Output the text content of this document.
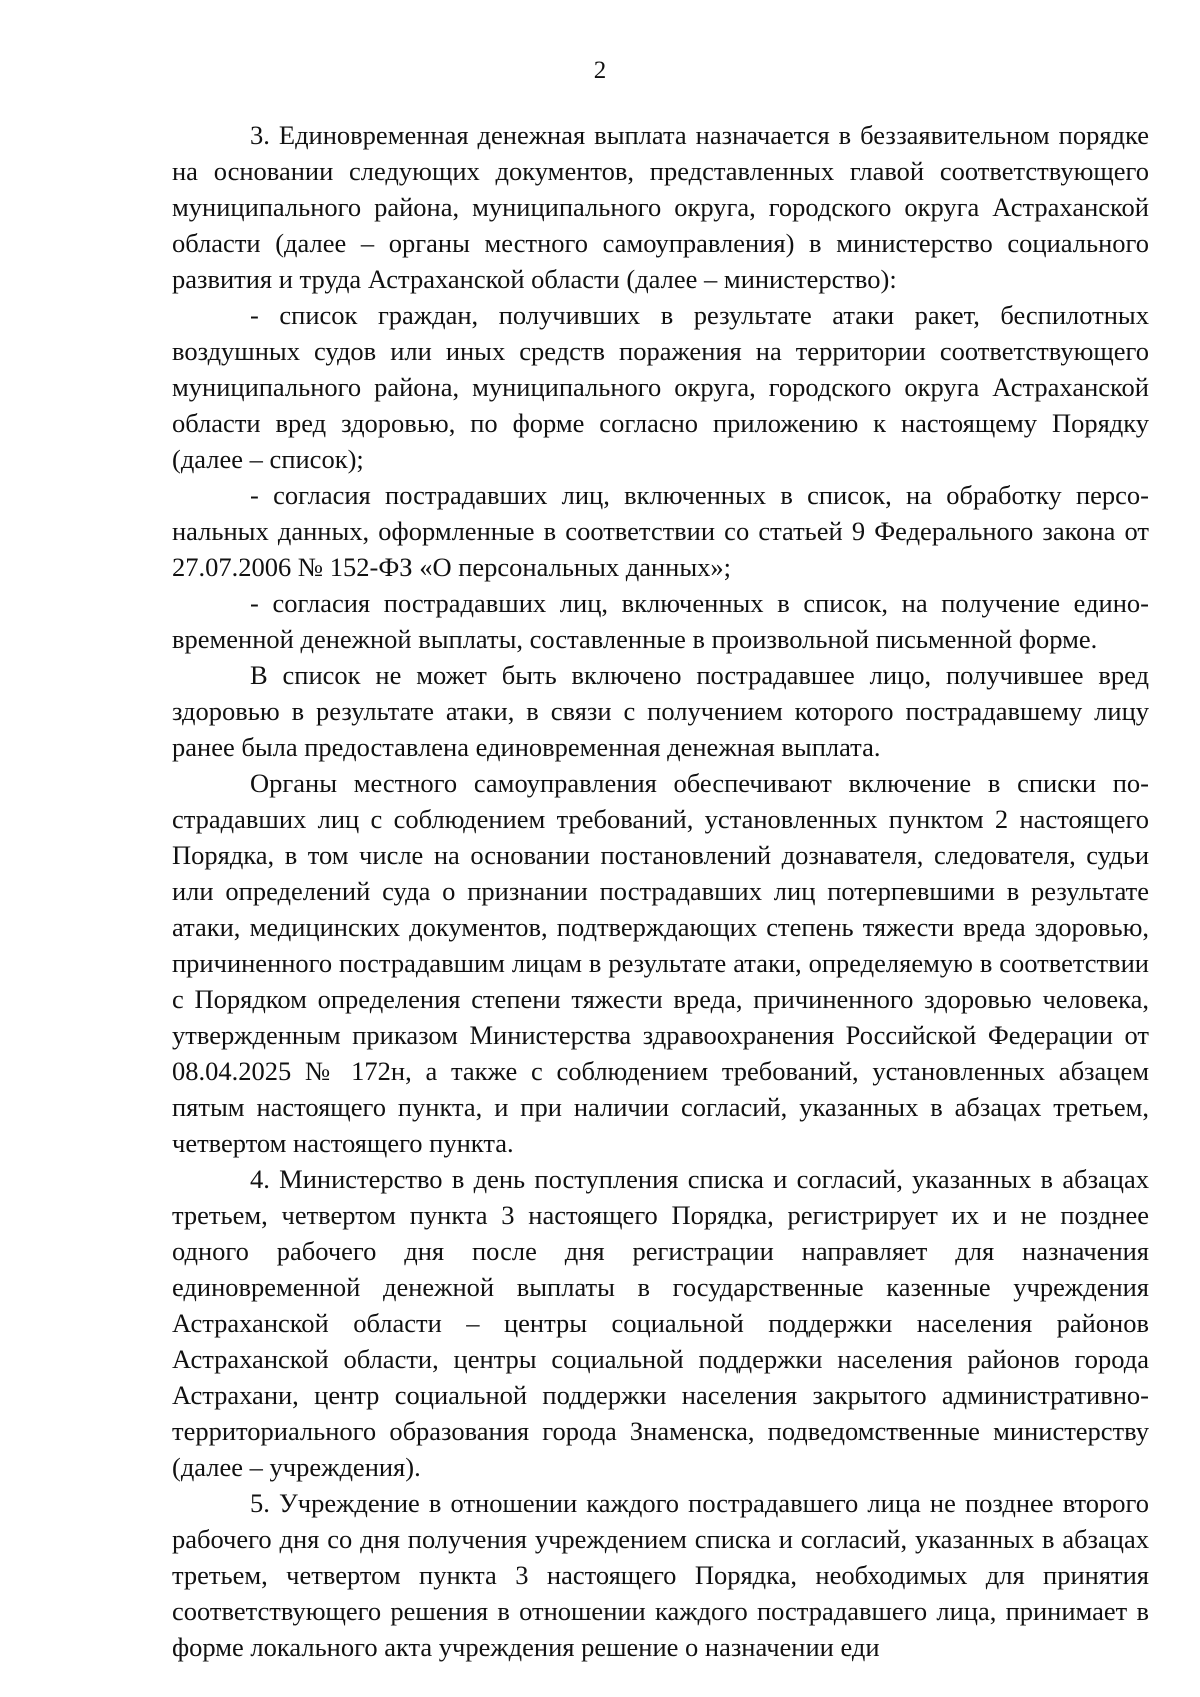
2

3. Единовременная денежная выплата назначается в беззаявительном порядке на основании следующих документов, представленных главой соответствующего муниципального района, муниципального округа, городского округа Астраханской области (далее – органы местного самоуправления) в министерство социального развития и труда Астраханской области (далее – министерство):

- список граждан, получивших в результате атаки ракет, беспилотных воздушных судов или иных средств поражения на территории соответствующего муниципального района, муниципального округа, городского округа Астраханской области вред здоровью, по форме согласно приложению к настоящему Порядку (далее – список);

- согласия пострадавших лиц, включенных в список, на обработку персональных данных, оформленные в соответствии со статьей 9 Федерального закона от 27.07.2006 № 152-ФЗ «О персональных данных»;

- согласия пострадавших лиц, включенных в список, на получение единовременной денежной выплаты, составленные в произвольной письменной форме.

В список не может быть включено пострадавшее лицо, получившее вред здоровью в результате атаки, в связи с получением которого пострадавшему лицу ранее была предоставлена единовременная денежная выплата.

Органы местного самоуправления обеспечивают включение в списки пострадавших лиц с соблюдением требований, установленных пунктом 2 настоящего Порядка, в том числе на основании постановлений дознавателя, следователя, судьи или определений суда о признании пострадавших лиц потерпевшими в результате атаки, медицинских документов, подтверждающих степень тяжести вреда здоровью, причиненного пострадавшим лицам в результате атаки, определяемую в соответствии с Порядком определения степени тяжести вреда, причиненного здоровью человека, утвержденным приказом Министерства здравоохранения Российской Федерации от 08.04.2025 № 172н, а также с соблюдением требований, установленных абзацем пятым настоящего пункта, и при наличии согласий, указанных в абзацах третьем, четвертом настоящего пункта.

4. Министерство в день поступления списка и согласий, указанных в абзацах третьем, четвертом пункта 3 настоящего Порядка, регистрирует их и не позднее одного рабочего дня после дня регистрации направляет для назначения единовременной денежной выплаты в государственные казенные учреждения Астраханской области – центры социальной поддержки населения районов Астраханской области, центры социальной поддержки населения районов города Астрахани, центр социальной поддержки населения закрытого административно-территориального образования города Знаменска, подведомственные министерству (далее – учреждения).

5. Учреждение в отношении каждого пострадавшего лица не позднее второго рабочего дня со дня получения учреждением списка и согласий, указанных в абзацах третьем, четвертом пункта 3 настоящего Порядка, необходимых для принятия соответствующего решения в отношении каждого пострадавшего лица, принимает в форме локального акта учреждения решение о назначении еди
